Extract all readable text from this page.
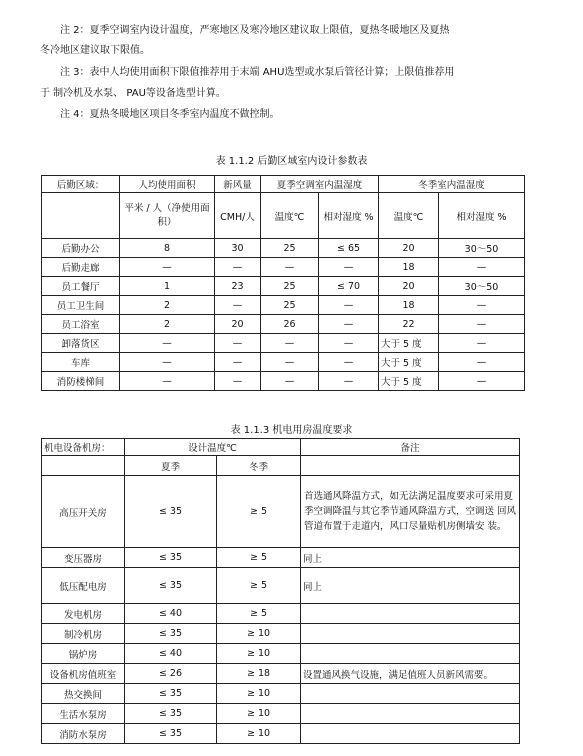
注 2：夏季空调室内设计温度，严寒地区及寒冷地区建议取上限值，夏热冬暖地区及夏热
冬冷地区建议取下限值。
注 3：表中人均使用面积下限值推荐用于末端 AHU选型或水泵后管径计算；上限值推荐用
于 制冷机及水泵、 PAU等设备选型计算。
注 4：夏热冬暖地区项目冬季室内温度不做控制。
表 1.1.2 后勤区域室内设计参数表
后勤区域：	人均使用面积	新风量	夏季空调室内温湿度		冬季室内温湿度	
	平米 / 人（净使用面积）	CMH/人	温度℃	相对湿度 %	温度℃	相对湿度 %
后勤办公	8	30	25	≤ 65	20	30～50
后勤走廊	—	—	—	—	18	—
员工餐厅	1	23	25	≤ 70	20	30～50
员工卫生间	2	—	25	—	18	—
员工浴室	2	20	26	—	22	—
卸落货区	—	—	—	—	大于 5 度	—
车库	—	—	—	—	大于 5 度	—
消防楼梯间	—	—	—	—	大于 5 度	—
表 1.1.3 机电用房温度要求
机电设备机房：	设计温度℃		备注
	夏季	冬季	
高压开关房	≤ 35	≥ 5	首选通风降温方式，如无法满足温度要求可采用夏季空调降温与其它季节通风降温方式，空调送 回风管道布置于走道内，风口尽量贴机房侧墙安 装。
变压器房	≤ 35	≥ 5	同上
低压配电房	≤ 35	≥ 5	同上
发电机房	≤ 40	≥ 5	
制冷机房	≤ 35	≥ 10	
锅炉房	≤ 40	≥ 10	
设备机房值班室	≤ 26	≥ 18	设置通风换气设施，满足值班人员新风需要。
热交换间	≤ 35	≥ 10	
生活水泵房	≤ 35	≥ 10	
消防水泵房	≤ 35	≥ 10	
